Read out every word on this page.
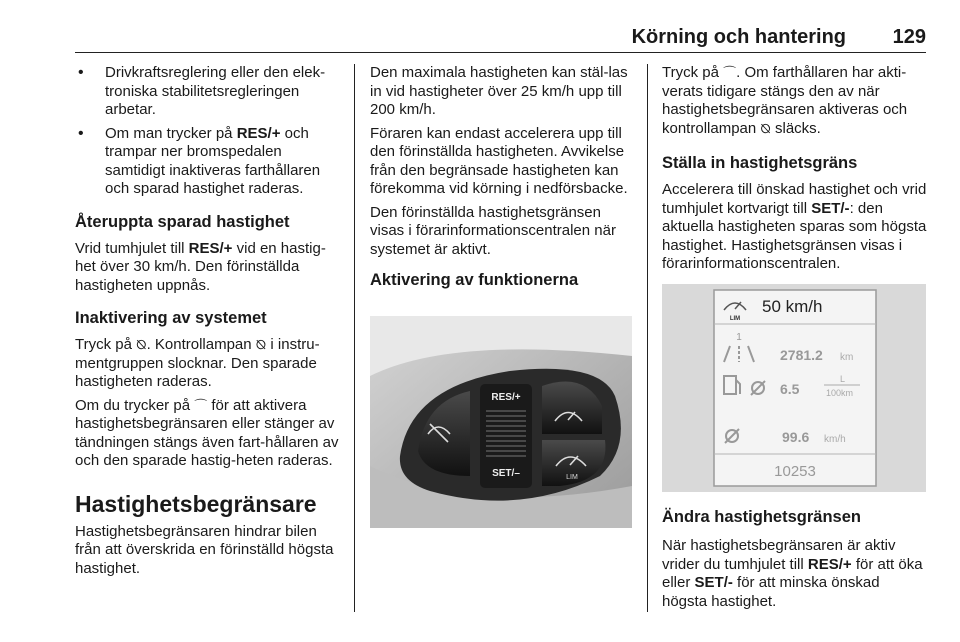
Körning och hantering 129
• Drivkraftsreglering eller den elek-troniska stabilitetsregleringen arbetar.
• Om man trycker på RES/+ och trampar ner bromspedalen samtidigt inaktiveras farthållaren och sparad hastighet raderas.
Återuppta sparad hastighet

Vrid tumhjulet till RES/+ vid en hastig-het över 30 km/h. Den förinställda hastigheten uppnås.

Inaktivering av systemet

Tryck på ⦰. Kontrollampan ⦰ i instru-mentgruppen slocknar. Den sparade hastigheten raderas.

Om du trycker på ⌒ för att aktivera hastighetsbegränsaren eller stänger av tändningen stängs även fart-hållaren av och den sparade hastig-heten raderas.

Hastighetsbegränsare

Hastighetsbegränsaren hindrar bilen från att överskrida en förinställd högsta hastighet.

Den maximala hastigheten kan stäl-las in vid hastigheter över 25 km/h upp till 200 km/h.

Föraren kan endast accelerera upp till den förinställda hastigheten. Avvikelse från den begränsade hastigheten kan förekomma vid körning i nedförsbacke.

Den förinställda hastighetsgränsen visas i förarinformationscentralen när systemet är aktivt.

Aktivering av funktionerna
RES/+
SET/–	LIM

Tryck på ⌒. Om farthållaren har akti-verats tidigare stängs den av när hastighetsbegränsaren aktiveras och kontrollampan ⦰ släcks.

Ställa in hastighetsgräns

Accelerera till önskad hastighet och vrid tumhjulet kortvarigt till SET/-: den aktuella hastigheten sparas som högsta hastighet. Hastighetsgränsen visas i förarinformationscentralen.

LIM
50 km/h
1
2781.2 km
6.5
L
100km
99.6 km/h
10253
Ändra hastighetsgränsen

När hastighetsbegränsaren är aktiv vrider du tumhjulet till RES/+ för att öka eller SET/- för att minska önskad högsta hastighet.
